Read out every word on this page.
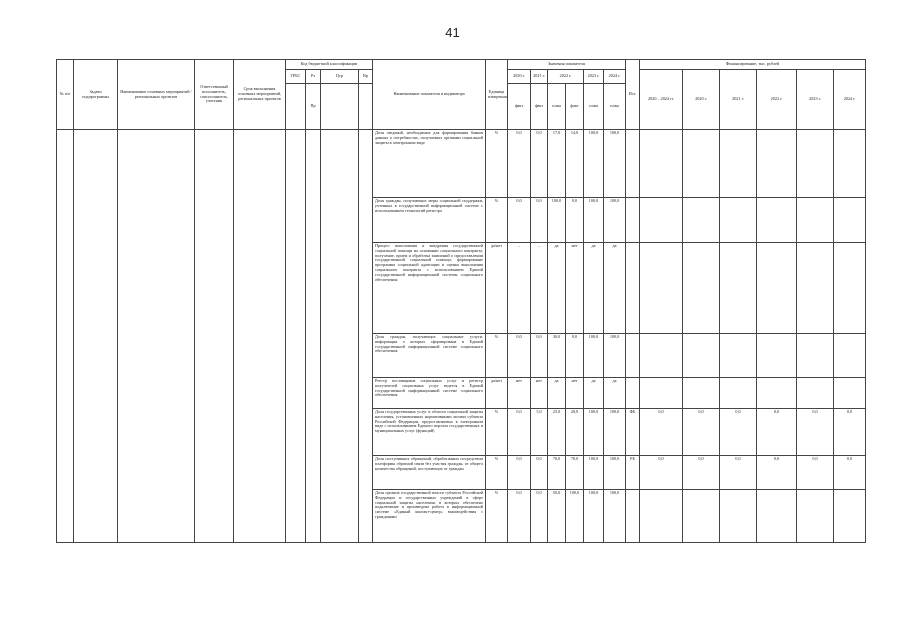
41
№ п/п	Задачи подпрограммы	Наименование основных мероприятий / региональных проектов	Ответственный исполнитель, соисполнитель, участник	Срок выполнения основных мероприятий, региональных проектов	Код бюджетной классификации				Наименование показателя и индикатора	Единица измерения	Значения показателя						Ист.	Финансирование, тыс. рублей					
					ГРБС	Рз	Цср	Вр			2020 г.	2021 г.	2022 г.		2023 г.	2024 г.		2020 – 2024 гг.	2020 г.	2021 г.	2022 г.	2023 г.	2024 г.
						Пр					факт	факт	план	факт	план	план							
									Доля сведений, необходимых для формирования банков данных о потребностях, получаемых органами социальной защиты в электронном виде	%	0,0	0,0	17,0	14,0	100,0	100,0							
									Доля граждан, получающих меры социальной поддержки, учтенных в государственной информационной системе с использованием технологий регистра	%	0,0	0,0	100,0	0,0	100,0	100,0							
									Процесс выполнения и внедрения государственной социальной помощи на основании социального контракта, получение, прием и обработка заявлений о предоставлении государственной социальной помощи, формирование программы социальной адаптации и оценка выполнения социального контракта с использованием Единой государственной информационной системы социального обеспечения	да/нет	–	–	да	нет	да	да							
									Доля граждан, получающих социальные услуги, информация о которых сформирована в Единой государственной информационной системе социального обеспечения	%	0,0	0,0	30,0	0,0	100,0	100,0							
									Реестр поставщиков социальных услуг и регистр получателей социальных услуг ведется в Единой государственной информационной системе социального обеспечения	да/нет	нет	нет	да	нет	да	да							
									Доля государственных услуг в области социальной защиты населения, установленных нормативными актами субъекта Российской Федерации, предоставляемых в электронном виде с использованием Единого портала государственных и муниципальных услуг (функций)	%	0,0	5,0	25,0	20,0	100,0	100,0	ФБ	0,0	0,0	0,0	0,0	0,0	0,0
									Доля поступивших обращений, обработанных посредством платформы обратной связи без участия граждан, от общего количества обращений, поступающих от граждан	%	0,0	0,0	70,0	70,0	100,0	100,0	РБ	0,0	0,0	0,0	0,0	0,0	0,0
									Доля органов государственной власти субъекта Российской Федерации и государственных учреждений в сфере социальной защиты населения, в которых обеспечено подключение и произведена работа в информационной системе «Единый контакт-центр» взаимодействия с гражданами	%	0,0	0,0	50,0	100,0	100,0	100,0							
